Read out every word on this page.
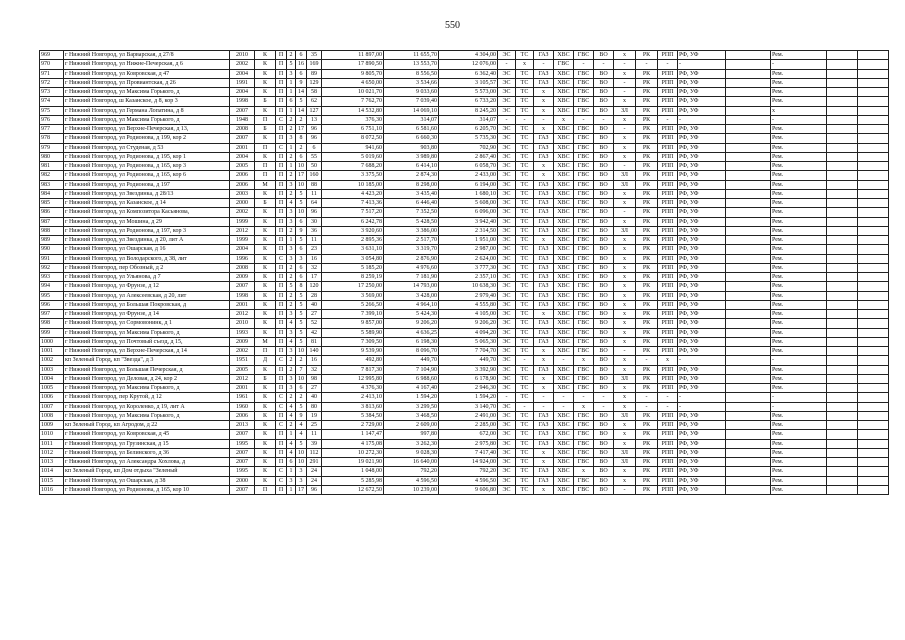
550
969	г Нижний Новгород, ул Варварская, д 27/8	2010	К	П	2	6	35	11 897,00	11 655,70	4 304,00	ЭС	ТС	ГАЗ	ХВС	ГВС	ВО	х	РК	РПП	РФ, УФ		Рем.		
970	г Нижний Новгород, ул Нижне-Печерская, д 6	2002	К	П	5	16	169	17 890,50	13 553,70	12 076,00	-	х	-	ГВС	-	-	-	-	-	-		-		
971	г Нижний Новгород, ул Ковровская, д 47	2004	К	П	3	6	89	9 805,70	8 556,50	6 362,40	ЭС	ТС	ГАЗ	ХВС	ГВС	ВО	х	РК	РПП	РФ, УФ		Рем.		
972	г Нижний Новгород, ул Провиантская, д 26	1991	К	П	1	9	129	4 650,00	3 534,66	3 105,57	ЭС	ТС	ГАЗ	ХВС	ГВС	ВО	-	РК	РПП	РФ, УФ		Рем.		
973	г Нижний Новгород, ул Максима Горького, д	2004	К	П	1	14	58	10 021,70	9 033,60	5 573,00	ЭС	ТС	х	ХВС	ГВС	ВО	-	РК	РПП	РФ, УФ		Рем.		
974	г Нижний Новгород, ш Казанское, д 8, кор 3	1998	Б	П	6	5	62	7 762,70	7 039,40	6 733,20	ЭС	ТС	х	ХВС	ГВС	ВО	х	РК	РПП	РФ, УФ		Рем.		
975	г Нижний Новгород, ул Германа Лопатина, д 8	2007	К	П	1	14	127	14 532,80	14 069,10	8 245,20	ЭС	ТС	х	ХВС	ГВС	ВО	ЗЛ	РК	РПП	РФ, УФ		х		
976	г Нижний Новгород, ул Максима Горького, д	1948	П	С	2	2	13	376,30	314,07	314,07	-	-	-	х	-	-	х	РК	-	-		-		
977	г Нижний Новгород, ул Верхне-Печерская, д 13,	2008	Б	П	2	17	96	6 751,10	6 581,60	6 205,70	ЭС	ТС	х	ХВС	ГВС	ВО	-	РК	РПП	РФ, УФ		Рем.		
978	г Нижний Новгород, ул Родионова, д 199, кор 2	2007	К	П	3	8	96	8 072,50	6 660,30	5 735,30	ЭС	ТС	ГАЗ	ХВС	ГВС	ВО	х	РК	РПП	РФ, УФ		Рем.		
979	г Нижний Новгород, ул Студеная, д 53	2001	П	С	1	2	6	941,60	903,80	702,90	ЭС	ТС	ГАЗ	ХВС	ГВС	ВО	х	РК	РПП	РФ, УФ		Рем.		
980	г Нижний Новгород, ул Родионова, д 195, кор 1	2004	К	П	2	6	55	5 019,60	3 989,80	2 867,40	ЭС	ТС	ГАЗ	ХВС	ГВС	ВО	х	РК	РПП	РФ, УФ		Рем.		
981	г Нижний Новгород, ул Родионова, д 165, кор 3	2005	П	П	1	10	50	7 688,20	6 414,10	6 058,70	ЭС	ТС	х	ХВС	ГВС	ВО	-	РК	РПП	РФ, УФ		Рем.		
982	г Нижний Новгород, ул Родионова, д 165, кор 6	2006	П	П	2	17	160	3 375,50	2 874,30	2 433,00	ЭС	ТС	х	ХВС	ГВС	ВО	ЗЛ	РК	РПП	РФ, УФ		Рем.		
983	г Нижний Новгород, ул Родионова, д 197	2006	М	П	3	10	88	10 185,00	8 298,00	6 194,00	ЭС	ТС	ГАЗ	ХВС	ГВС	ВО	ЗЛ	РК	РПП	РФ, УФ		Рем.		
984	г Нижний Новгород, ул Звездинка, д 28/13	2003	К	П	2	5	11	4 423,20	3 435,40	1 680,10	ЭС	ТС	ГАЗ	ХВС	ГВС	ВО	х	РК	РПП	РФ, УФ		Рем.		
985	г Нижний Новгород, ул Казанское, д 14	2000	Б	П	4	5	64	7 413,36	6 446,40	5 608,00	ЭС	ТС	ГАЗ	ХВС	ГВС	ВО	х	РК	РПП	РФ, УФ		Рем.		
986	г Нижний Новгород, ул Композитора Касьянова,	2002	К	П	3	10	96	7 517,20	7 352,50	6 096,00	ЭС	ТС	ГАЗ	ХВС	ГВС	ВО	-	РК	РПП	РФ, УФ		Рем.		
987	г Нижний Новгород, ул Мошина, д 29	1999	К	П	3	6	30	6 242,78	5 428,50	3 942,40	ЭС	ТС	ГАЗ	ХВС	ГВС	ВО	х	РК	РПП	РФ, УФ		Рем.		
988	г Нижний Новгород, ул Родионова, д 197, кор 3	2012	К	П	2	9	36	3 920,60	3 386,00	2 314,50	ЭС	ТС	ГАЗ	ХВС	ГВС	ВО	ЗЛ	РК	РПП	РФ, УФ		Рем.		
989	г Нижний Новгород, ул Звездинка, д 20, лит А	1999	К	П	1	5	11	2 895,36	2 517,70	1 951,00	ЭС	ТС	х	ХВС	ГВС	ВО	х	РК	РПП	РФ, УФ		Рем.		
990	г Нижний Новгород, ул Ошарская, д 16	2004	К	П	3	6	23	3 631,10	3 319,70	2 987,00	ЭС	ТС	ГАЗ	ХВС	ГВС	ВО	х	РК	РПП	РФ, УФ		Рем.		
991	г Нижний Новгород, ул Володарского, д 38, лит	1996	К	С	3	3	16	3 054,80	2 876,90	2 624,00	ЭС	ТС	ГАЗ	ХВС	ГВС	ВО	х	РК	РПП	РФ, УФ		Рем.		
992	г Нижний Новгород, пер Обозный, д 2	2008	К	П	2	6	32	5 185,20	4 976,60	3 777,30	ЭС	ТС	ГАЗ	ХВС	ГВС	ВО	х	РК	РПП	РФ, УФ		Рем.		
993	г Нижний Новгород, ул Ульянова, д 7	2009	К	П	2	6	17	8 259,19	7 181,90	2 357,10	ЭС	ТС	ГАЗ	ХВС	ГВС	ВО	х	РК	РПП	РФ, УФ		Рем.		
994	г Нижний Новгород, ул Фрунзе, д 12	2007	К	П	5	8	120	17 250,00	14 793,00	10 638,30	ЭС	ТС	ГАЗ	ХВС	ГВС	ВО	х	РК	РПП	РФ, УФ		Рем.		
995	г Нижний Новгород, ул Алексеевская, д 20, лит	1998	К	П	2	5	28	3 569,00	3 428,00	2 979,40	ЭС	ТС	ГАЗ	ХВС	ГВС	ВО	х	РК	РПП	РФ, УФ		Рем.		
996	г Нижний Новгород, ул Большая Покровская, д	2001	К	П	2	5	40	5 266,50	4 964,10	4 555,80	ЭС	ТС	ГАЗ	ХВС	ГВС	ВО	х	РК	РПП	РФ, УФ		Рем.		
997	г Нижний Новгород, ул Фрунзе, д 14	2012	К	П	3	5	27	7 399,10	5 424,30	4 105,00	ЭС	ТС	х	ХВС	ГВС	ВО	х	РК	РПП	РФ, УФ		Рем.		
998	г Нижний Новгород, ул Сормовонинк, д 1	2010	К	П	4	5	52	9 857,00	9 206,20	9 206,20	ЭС	ТС	ГАЗ	ХВС	ГВС	ВО	х	РК	РПП	РФ, УФ		Рем.		
999	г Нижний Новгород, ул Максима Горького, д	1993	К	П	3	5	42	5 589,90	4 636,25	4 094,20	ЭС	ТС	ГАЗ	ХВС	ГВС	ВО	х	РК	РПП	РФ, УФ		Рем.		
1000	г Нижний Новгород, ул Почтовый съезд, д 15,	2009	М	П	4	5	81	7 309,50	6 198,30	5 065,30	ЭС	ТС	ГАЗ	ХВС	ГВС	ВО	х	РК	РПП	РФ, УФ		Рем.		
1001	г Нижний Новгород, ул Верхне-Печерская, д 14	2002	П	П	3	10	140	9 539,90	8 096,70	7 704,70	ЭС	ТС	х	ХВС	ГВС	ВО	-	РК	РПП	РФ, УФ		Рем.		
1002	кп Зеленый Город, кп "Звезда", д 3	1951	Д	С	2	2	16	492,80	449,70	449,70	ЭС	-	х	-	х	ВО	х	-	х	-		-		
1003	г Нижний Новгород, ул Большая Печерская, д	2005	К	П	2	7	32	7 817,30	7 104,90	3 392,90	ЭС	ТС	ГАЗ	ХВС	ГВС	ВО	х	РК	РПП	РФ, УФ		Рем.		
1004	г Нижний Новгород, ул Деловая, д 24, кор 2	2012	Б	П	3	10	98	12 995,80	6 988,60	6 178,90	ЭС	ТС	х	ХВС	ГВС	ВО	ЗЛ	РК	РПП	РФ, УФ		Рем.		
1005	г Нижний Новгород, ул Максима Горького, д	2001	К	П	3	6	27	4 376,30	4 167,40	2 946,30	ЭС	ТС	х	ХВС	ГВС	ВО	х	РК	РПП	РФ, УФ		Рем.		
1006	г Нижний Новгород, пер Крутой, д 12	1961	К	С	2	2	40	2 413,10	1 594,20	1 594,20	-	ТС	-	-	-	-	х	-	-	-		-		
1007	г Нижний Новгород, ул Короленко, д 19, лит А	1960	К	С	4	5	80	3 813,60	3 299,50	3 140,70	ЭС	-	-	-	х	-	х	-	-	-		-		
1008	г Нижний Новгород, ул Максима Горького, д	2006	К	П	4	9	19	5 384,50	3 468,50	2 491,00	ЭС	ТС	ГАЗ	ХВС	ГВС	ВО	ЗЛ	РК	РПП	РФ, УФ		Рем.		
1009	кп Зеленый Город, кп Агродом, д 22	2013	К	С	2	4	25	2 729,00	2 609,00	2 285,00	ЭС	ТС	ГАЗ	ХВС	ГВС	ВО	х	РК	РПП	РФ, УФ		Рем.		
1010	г Нижний Новгород, ул Ковровская, д 45	2007	К	П	1	4	11	1 147,47	997,80	672,00	ЭС	ТС	ГАЗ	ХВС	ГВС	ВО	х	РК	РПП	РФ, УФ		Рем.		
1011	г Нижний Новгород, ул Грузинская, д 15	1995	К	П	4	5	39	4 175,08	3 262,30	2 975,80	ЭС	ТС	ГАЗ	ХВС	ГВС	ВО	х	РК	РПП	РФ, УФ		Рем.		
1012	г Нижний Новгород, ул Белинского, д 36	2007	К	П	4	10	112	10 272,30	9 028,30	7 417,40	ЭС	ТС	х	ХВС	ГВС	ВО	ЗЛ	РК	РПП	РФ, УФ		Рем.		
1013	г Нижний Новгород, ул Александра Хохлова, д	2007	К	П	6	10	291	19 021,90	16 640,00	14 924,00	ЭС	ТС	х	ХВС	ГВС	ВО	ЗЛ	РК	РПП	РФ, УФ		Рем.		
1014	кп Зеленый Город, кп Дом отдыха "Зеленый	1995	К	С	1	3	24	1 048,00	792,20	792,20	ЭС	ТС	ГАЗ	ХВС	х	ВО	х	РК	РПП	РФ, УФ		Рем.		
1015	г Нижний Новгород, ул Ошарская, д 38	2000	К	С	3	3	24	5 285,98	4 596,50	4 596,50	ЭС	ТС	ГАЗ	ХВС	ГВС	ВО	х	РК	РПП	РФ, УФ		Рем.		
1016	г Нижний Новгород, ул Родионова, д 165, кор 10	2007	П	П	1	17	96	12 672,50	10 239,00	9 606,80	ЭС	ТС	х	ХВС	ГВС	ВО	-	РК	РПП	РФ, УФ		Рем.		
